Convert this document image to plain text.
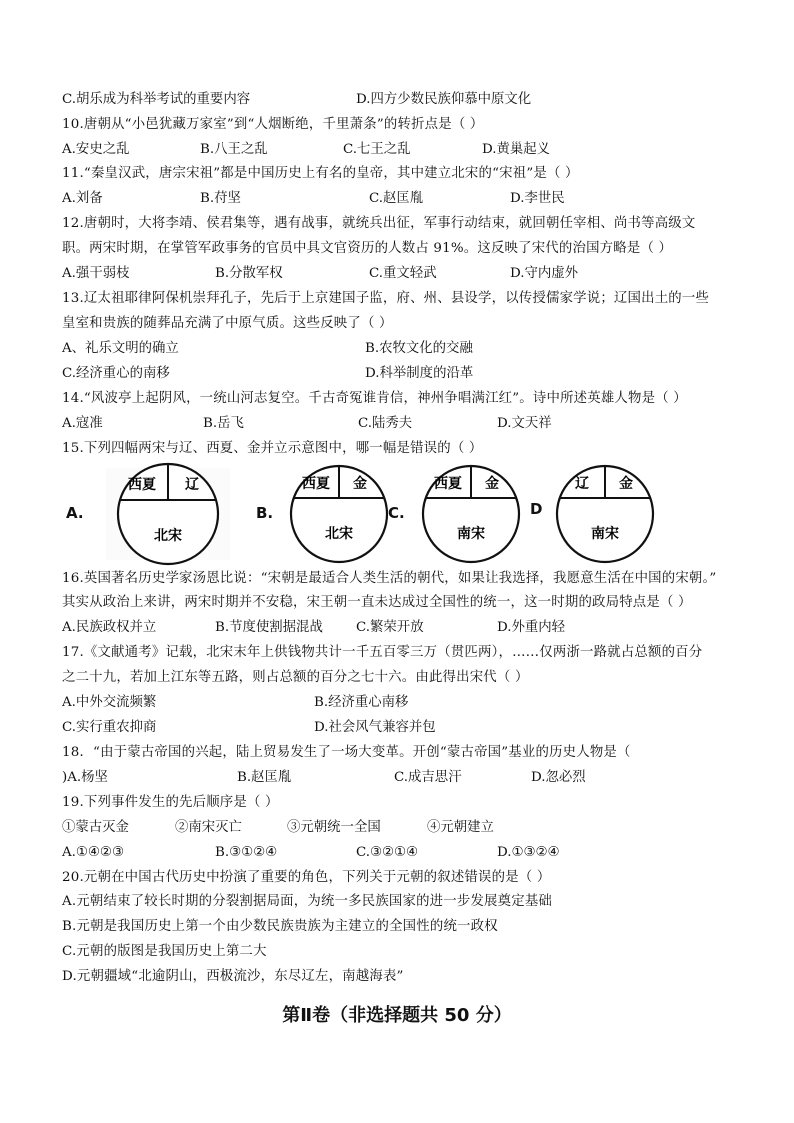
C.胡乐成为科举考试的重要内容	D.四方少数民族仰慕中原文化
10.唐朝从“小邑犹藏万家室”到“人烟断绝，千里萧条”的转折点是（ ）
A.安史之乱	B.八王之乱	C.七王之乱	D.黄巢起义
11.“秦皇汉武，唐宗宋祖”都是中国历史上有名的皇帝，其中建立北宋的“宋祖”是（ ）
A.刘备	B.苻坚	C.赵匡胤	D.李世民
12.唐朝时，大将李靖、侯君集等，遇有战事，就统兵出征，军事行动结束，就回朝任宰相、尚书等高级文
职。两宋时期，在掌管军政事务的官员中具文官资历的人数占 91%。这反映了宋代的治国方略是（ ）
A.强干弱枝	B.分散军权	C.重文轻武	D.守内虚外
13.辽太祖耶律阿保机崇拜孔子，先后于上京建国子监，府、州、县设学，以传授儒家学说；辽国出土的一些
皇室和贵族的随葬品充满了中原气质。这些反映了（ ）
A、礼乐文明的确立	B.农牧文化的交融
C.经济重心的南移	D.科举制度的沿革
14.“风波亭上起阴风，一统山河志复空。千古奇冤谁肯信，神州争唱满江红”。诗中所述英雄人物是（ ）
A.寇准	B.岳飞	C.陆秀夫	D.文天祥
15.下列四幅两宋与辽、西夏、金并立示意图中，哪一幅是错误的（ ）
A.
西夏 辽
北宋
B.
西夏 金
北宋
C.
西夏 金
南宋
D
辽 金
南宋
16.英国著名历史学家汤恩比说：“宋朝是最适合人类生活的朝代，如果让我选择，我愿意生活在中国的宋朝。”
其实从政治上来讲，两宋时期并不安稳，宋王朝一直未达成过全国性的统一，这一时期的政局特点是（ ）
A.民族政权并立	B.节度使割据混战 C.繁荣开放	D.外重内轻
17.《文献通考》记载，北宋末年上供钱物共计一千五百零三万（贯匹两），……仅两浙一路就占总额的百分
之二十九，若加上江东等五路，则占总额的百分之七十六。由此得出宋代（ ）
A.中外交流频繁	B.经济重心南移
C.实行重农抑商	D.社会风气兼容并包
18．“由于蒙古帝国的兴起，陆上贸易发生了一场大变革。开创“蒙古帝国”基业的历史人物是（
)A.杨坚	B.赵匡胤	C.成吉思汗	D.忽必烈
19.下列事件发生的先后顺序是（ ）
①蒙古灭金	②南宋灭亡	③元朝统一全国	④元朝建立
A.①④②③	B.③①②④	C.③②①④	D.①③②④
20.元朝在中国古代历史中扮演了重要的角色，下列关于元朝的叙述错误的是（ ）
A.元朝结束了较长时期的分裂割据局面，为统一多民族国家的进一步发展奠定基础
B.元朝是我国历史上第一个由少数民族贵族为主建立的全国性的统一政权
C.元朝的版图是我国历史上第二大
D.元朝疆域“北逾阴山，西极流沙，东尽辽左，南越海表”
第Ⅱ卷（非选择题共 50 分）
